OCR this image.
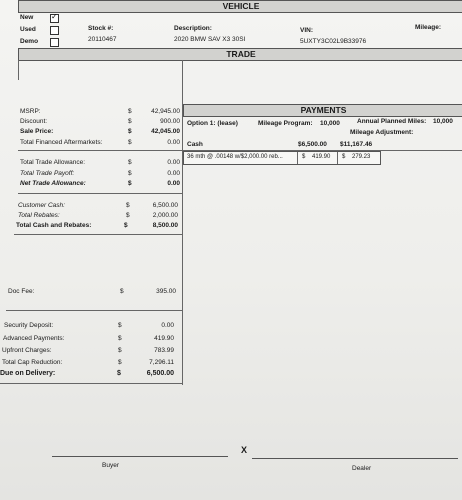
VEHICLE
New
✓
Used
Demo
Stock #:
20110467
Description:
2020 BMW SAV X3 30SI
VIN:
5UXTY3C02L9B33976
Mileage:
TRADE
MSRP:	$	42,945.00
Discount:	$	900.00
Sale Price:	$	42,045.00
Total Financed Aftermarkets:	$	0.00
Total Trade Allowance:	$	0.00
Total Trade Payoff:	$	0.00
Net Trade Allowance:	$	0.00
Customer Cash:	$	6,500.00
Total Rebates:	$	2,000.00
Total Cash and Rebates:	$	8,500.00
Doc Fee:	$	395.00
Security Deposit:	$	0.00
Advanced Payments:	$	419.90
Upfront Charges:	$	783.99
Total Cap Reduction:	$	7,296.11
Due on Delivery:	$	6,500.00
PAYMENTS
Option 1: (lease)	Mileage Program: 10,000	Annual Planned Miles: 10,000
Mileage Adjustment:
Cash	$6,500.00 $11,167.46
36 mth @ .00148 w/$2,000.00 reb...	$ 419.90 $ 279.23
X
Buyer	Dealer
